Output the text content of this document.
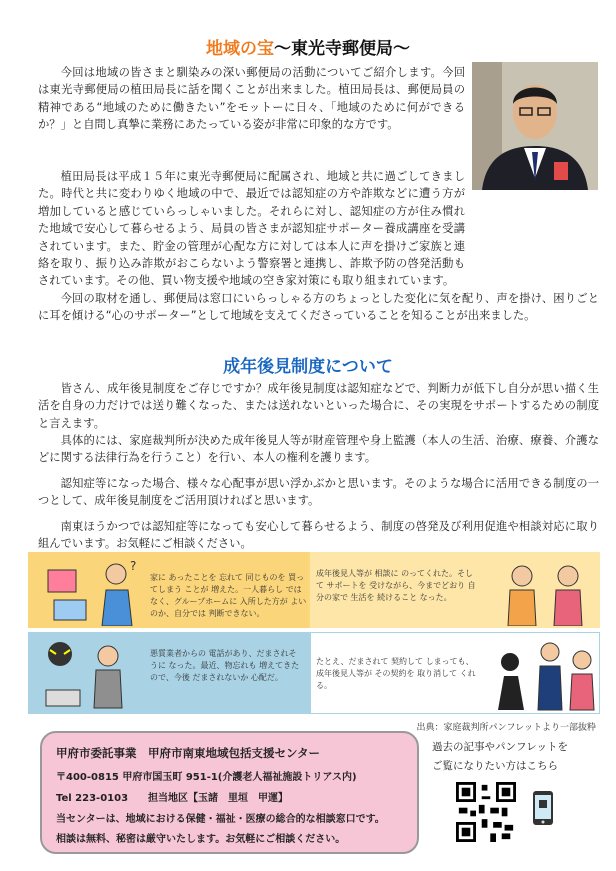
地域の宝〜東光寺郵便局〜

今回は地域の皆さまと馴染みの深い郵便局の活動についてご紹介します。今回は東光寺郵便局の植田局長に話を聞くことが出来ました。植田局長は、郵便局員の精神である“地域のために働きたい”をモットーに日々、「地域のために何ができるか？」と自問し真摯に業務にあたっている姿が非常に印象的な方です。

植田局長は平成１５年に東光寺郵便局に配属され、地域と共に過ごしてきました。時代と共に変わりゆく地域の中で、最近では認知症の方や詐欺などに遭う方が増加していると感じていらっしゃいました。それらに対し、認知症の方が住み慣れた地域で安心して暮らせるよう、局員の皆さまが認知症サポーター養成講座を受講されています。また、貯金の管理が心配な方に対しては本人に声を掛けご家族と連絡を取り、振り込み詐欺がおこらないよう警察署と連携し、詐欺予防の啓発活動もされています。その他、買い物支援や地域の空き家対策にも取り組まれています。

今回の取材を通し、郵便局は窓口にいらっしゃる方のちょっとした変化に気を配り、声を掛け、困りごとに耳を傾ける“心のサポーター”として地域を支えてくださっていることを知ることが出来ました。

成年後見制度について

皆さん、成年後見制度をご存じですか？成年後見制度は認知症などで、判断力が低下し自分が思い描く生活を自身の力だけでは送り難くなった、または送れないといった場合に、その実現をサポートするための制度と言えます。

具体的には、家庭裁判所が決めた成年後見人等が財産管理や身上監護（本人の生活、治療、療養、介護などに関する法律行為を行うこと）を行い、本人の権利を護ります。

認知症等になった場合、様々な心配事が思い浮かぶかと思います。そのような場合に活用できる制度の一つとして、成年後見制度をご活用頂ければと思います。

南東ほうかつでは認知症等になっても安心して暮らせるよう、制度の啓発及び利用促進や相談対応に取り組んでいます。お気軽にご相談ください。

?
家に あったことを 忘れて 同じものを 買ってしまう ことが 増えた。一人暮らし ではなく、グループホームに 入所した方が よいのか、自分では 判断できない。
成年後見人等が 相談に のってくれた。そして サポートを 受けながら、今までどおり 自分の家で 生活を 続けること なった。
悪質業者からの 電話があり、だまされそうに なった。最近、物忘れも 増えてきたので、今後 だまされないか 心配だ。
たとえ、だまされて 契約して しまっても、成年後見人等が その契約を 取り消して くれる。
出典：家庭裁判所パンフレットより一部抜粋
甲府市委託事業　甲府市南東地域包括支援センター
〒400-0815 甲府市国玉町 951-1(介護老人福祉施設トリアス内)
Tel 223-0103　　担当地区【玉諸　里垣　甲運】
当センターは、地域における保健・福祉・医療の総合的な相談窓口です。
相談は無料、秘密は厳守いたします。お気軽にご相談ください。
過去の記事やパンフレットを
ご覧になりたい方はこちら
